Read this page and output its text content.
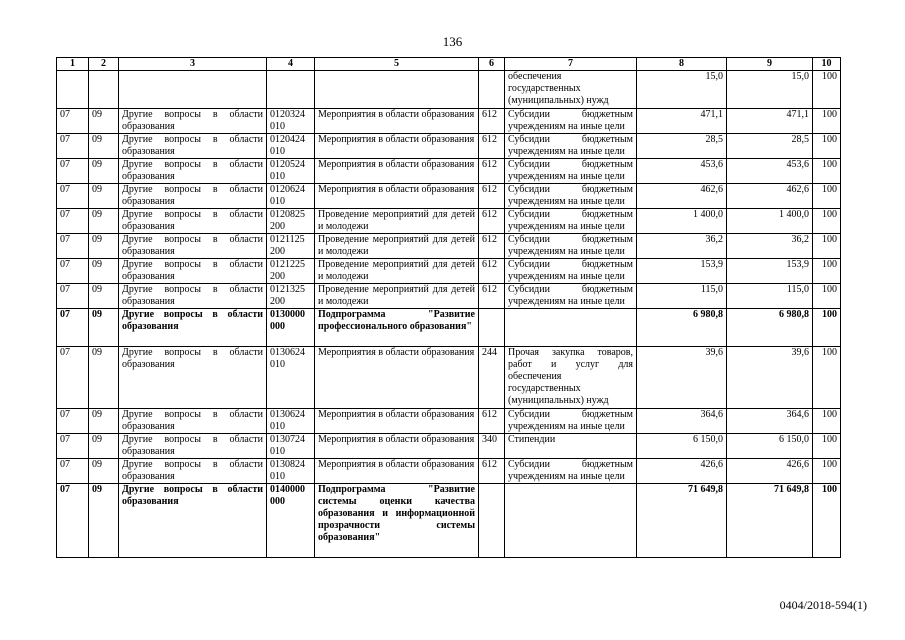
136
1	2	3	4	5	6	7	8	9	10
						обеспечения государственных (муниципальных) нужд	15,0	15,0	100
07	09	Другие вопросы в области образования	0120324 010	Мероприятия в области образования	612	Субсидии бюджетным учреждениям на иные цели	471,1	471,1	100
07	09	Другие вопросы в области образования	0120424 010	Мероприятия в области образования	612	Субсидии бюджетным учреждениям на иные цели	28,5	28,5	100
07	09	Другие вопросы в области образования	0120524 010	Мероприятия в области образования	612	Субсидии бюджетным учреждениям на иные цели	453,6	453,6	100
07	09	Другие вопросы в области образования	0120624 010	Мероприятия в области образования	612	Субсидии бюджетным учреждениям на иные цели	462,6	462,6	100
07	09	Другие вопросы в области образования	0120825 200	Проведение мероприятий для детей и молодежи	612	Субсидии бюджетным учреждениям на иные цели	1 400,0	1 400,0	100
07	09	Другие вопросы в области образования	0121125 200	Проведение мероприятий для детей и молодежи	612	Субсидии бюджетным учреждениям на иные цели	36,2	36,2	100
07	09	Другие вопросы в области образования	0121225 200	Проведение мероприятий для детей и молодежи	612	Субсидии бюджетным учреждениям на иные цели	153,9	153,9	100
07	09	Другие вопросы в области образования	0121325 200	Проведение мероприятий для детей и молодежи	612	Субсидии бюджетным учреждениям на иные цели	115,0	115,0	100
07	09	Другие вопросы в области образования	0130000 000	Подпрограмма "Развитие профессионального образования"			6 980,8	6 980,8	100
07	09	Другие вопросы в области образования	0130624 010	Мероприятия в области образования	244	Прочая закупка товаров, работ и услуг для обеспечения государственных (муниципальных) нужд	39,6	39,6	100
07	09	Другие вопросы в области образования	0130624 010	Мероприятия в области образования	612	Субсидии бюджетным учреждениям на иные цели	364,6	364,6	100
07	09	Другие вопросы в области образования	0130724 010	Мероприятия в области образования	340	Стипендии	6 150,0	6 150,0	100
07	09	Другие вопросы в области образования	0130824 010	Мероприятия в области образования	612	Субсидии бюджетным учреждениям на иные цели	426,6	426,6	100
07	09	Другие вопросы в области образования	0140000 000	Подпрограмма "Развитие системы оценки качества образования и информационной прозрачности системы образования"			71 649,8	71 649,8	100
0404/2018-594(1)
